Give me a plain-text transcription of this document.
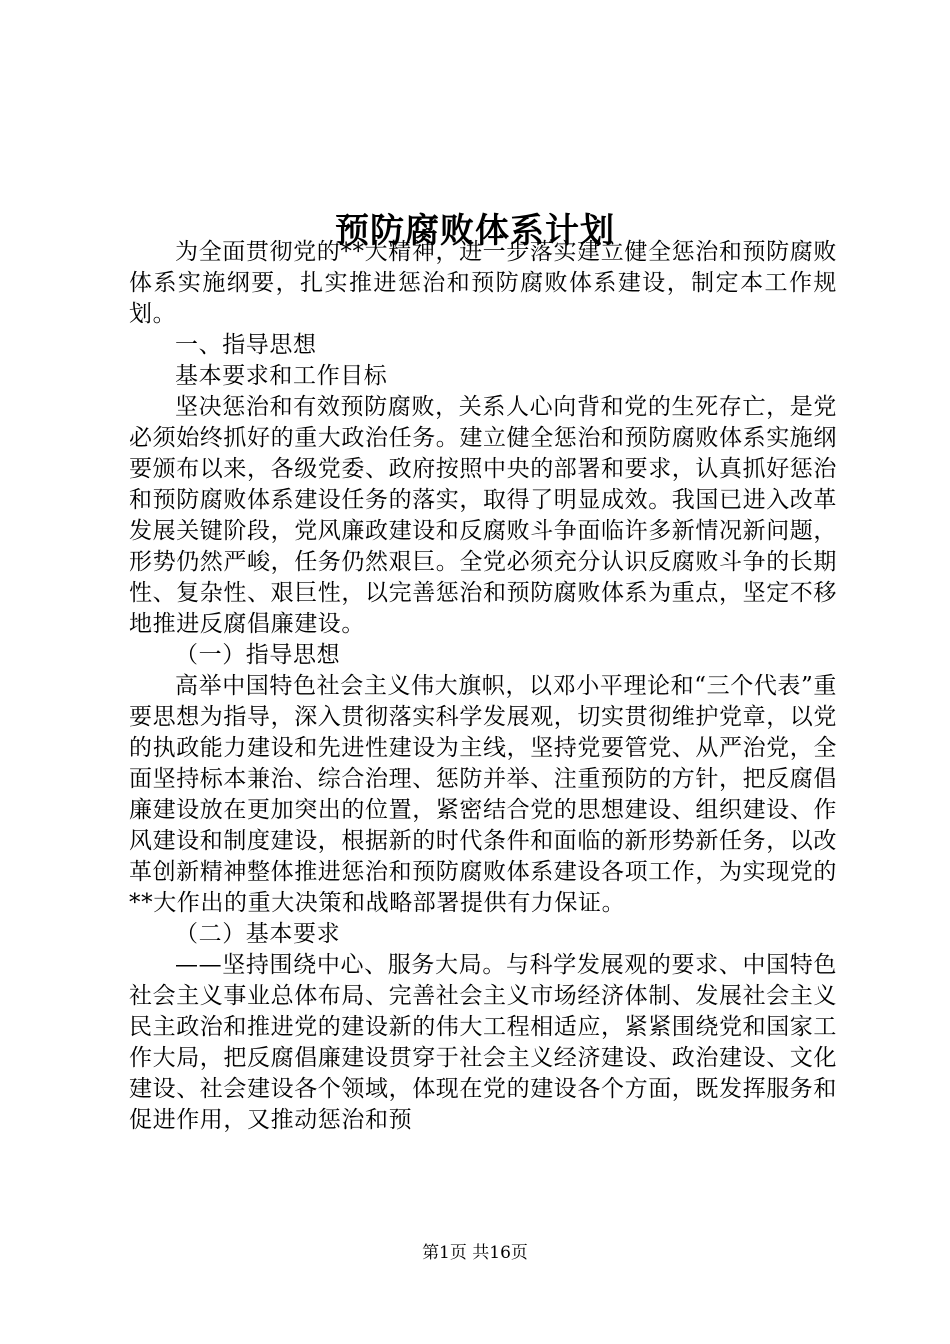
预防腐败体系计划

为全面贯彻党的**大精神，进一步落实建立健全惩治和预防腐败体系实施纲要，扎实推进惩治和预防腐败体系建设，制定本工作规划。

一、指导思想

基本要求和工作目标

坚决惩治和有效预防腐败，关系人心向背和党的生死存亡，是党必须始终抓好的重大政治任务。建立健全惩治和预防腐败体系实施纲要颁布以来，各级党委、政府按照中央的部署和要求，认真抓好惩治和预防腐败体系建设任务的落实，取得了明显成效。我国已进入改革发展关键阶段，党风廉政建设和反腐败斗争面临许多新情况新问题，形势仍然严峻，任务仍然艰巨。全党必须充分认识反腐败斗争的长期性、复杂性、艰巨性，以完善惩治和预防腐败体系为重点，坚定不移地推进反腐倡廉建设。

（一）指导思想

高举中国特色社会主义伟大旗帜，以邓小平理论和“三个代表”重要思想为指导，深入贯彻落实科学发展观，切实贯彻维护党章，以党的执政能力建设和先进性建设为主线，坚持党要管党、从严治党，全面坚持标本兼治、综合治理、惩防并举、注重预防的方针，把反腐倡廉建设放在更加突出的位置，紧密结合党的思想建设、组织建设、作风建设和制度建设，根据新的时代条件和面临的新形势新任务，以改革创新精神整体推进惩治和预防腐败体系建设各项工作，为实现党的**大作出的重大决策和战略部署提供有力保证。

（二）基本要求

——坚持围绕中心、服务大局。与科学发展观的要求、中国特色社会主义事业总体布局、完善社会主义市场经济体制、发展社会主义民主政治和推进党的建设新的伟大工程相适应，紧紧围绕党和国家工作大局，把反腐倡廉建设贯穿于社会主义经济建设、政治建设、文化建设、社会建设各个领域，体现在党的建设各个方面，既发挥服务和促进作用，又推动惩治和预

第1页 共16页
